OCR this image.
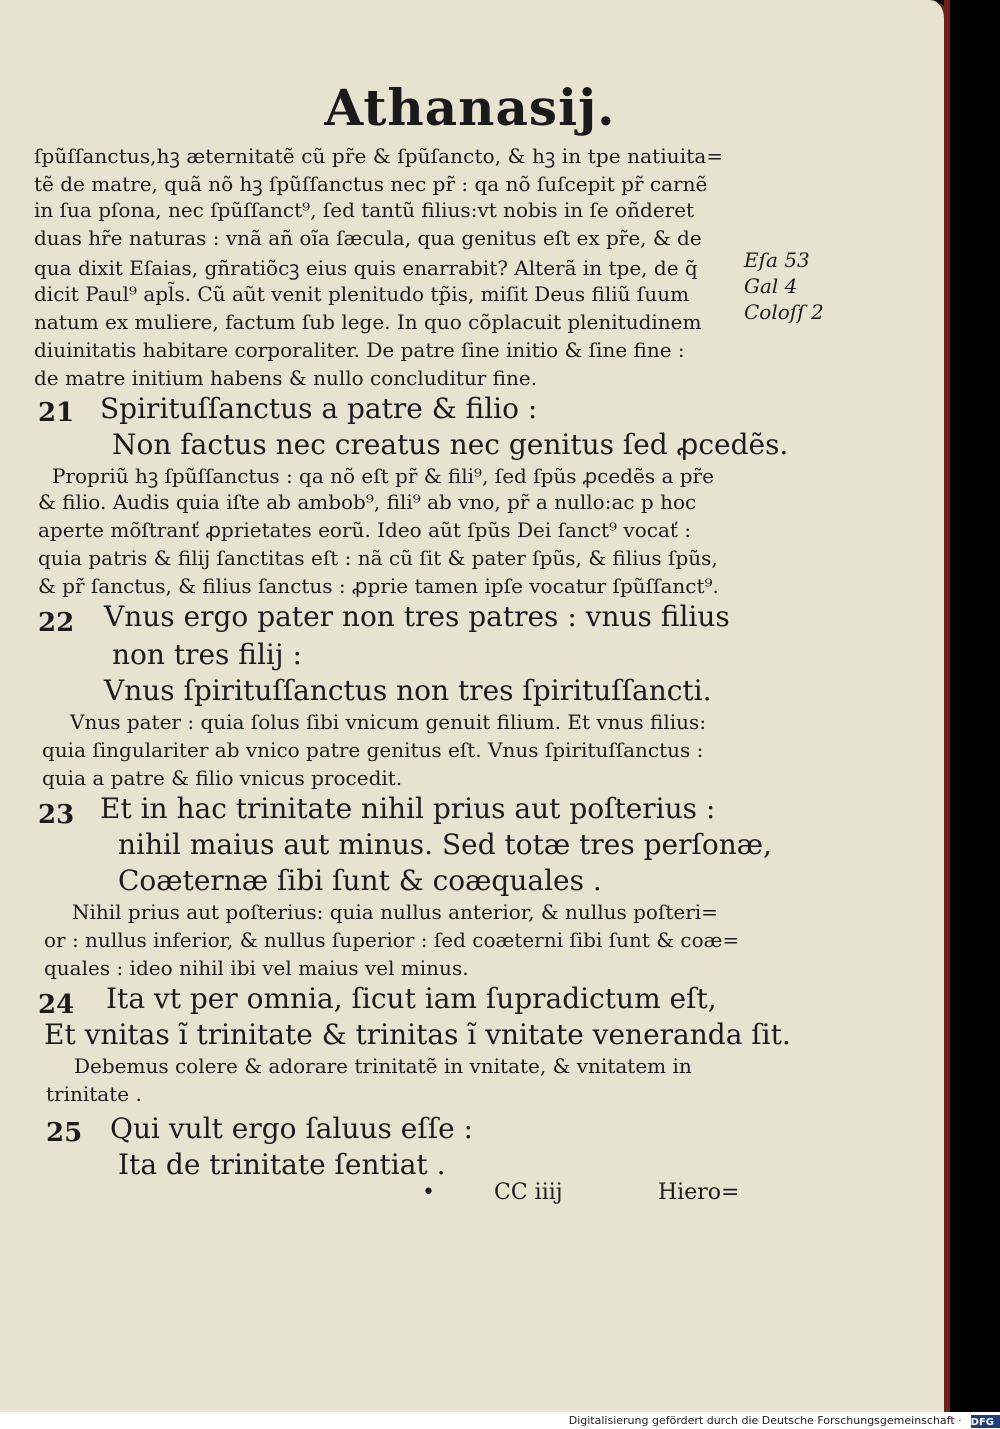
Athanasij.
ſpũſſanctus,hꝫ æternitatẽ cũ pr̃e & ſpũſancto, & hꝫ in tpe natiuita=
tẽ de matre, quã nõ hꝫ ſpũſſanctus nec pr̃ : qa nõ ſuſcepit pr̃ carnẽ
in ſua pſona, nec ſpũſſanct⁹, ſed tantũ filius:vt nobis in ſe oñderet
duas hr̃e naturas : vnã añ oĩa ſæcula, qua genitus eſt ex pr̃e, & de
qua dixit Eſaias, gñratiõcꝫ eius quis enarrabit? Alterã in tpe, de q̃
dicit Paul⁹ apl̃s. Cũ aũt venit plenitudo tp̃is, miſit Deus filiũ ſuum
natum ex muliere, factum ſub lege. In quo cõplacuit plenitudinem
diuinitatis habitare corporaliter. De patre ſine initio & ſine fine :
de matre initium habens & nullo concluditur fine.
Eſa 53
Gal 4
Coloſſ 2
21 Spirituſſanctus a patre & filio :
Non factus nec creatus nec genitus ſed ꝓcedẽs.
Propriũ hꝫ ſpũſſanctus : qa nõ eſt pr̃ & fili⁹, ſed ſpũs ꝓcedẽs a pr̃e
& filio. Audis quia iſte ab ambob⁹, fili⁹ ab vno, pr̃ a nullo:ac p hoc
aperte mõſtranť ꝓprietates eorũ. Ideo aũt ſpũs Dei ſanct⁹ vocať :
quia patris & filij ſanctitas eſt : nã cũ ſit & pater ſpũs, & filius ſpũs,
& pr̃ ſanctus, & filius ſanctus : ꝓprie tamen ipſe vocatur ſpũſſanct⁹.
22 Vnus ergo pater non tres patres : vnus filius
non tres filij :
Vnus ſpirituſſanctus non tres ſpirituſſancti.
Vnus pater : quia ſolus ſibi vnicum genuit filium. Et vnus filius:
quia ſingulariter ab vnico patre genitus eſt. Vnus ſpirituſſanctus :
quia a patre & filio vnicus procedit.
23 Et in hac trinitate nihil prius aut poſterius :
nihil maius aut minus. Sed totæ tres perſonæ,
Coæternæ ſibi ſunt & coæquales .
Nihil prius aut poſterius: quia nullus anterior, & nullus poſteri=
or : nullus inferior, & nullus ſuperior : ſed coæterni ſibi ſunt & coæ=
quales : ideo nihil ibi vel maius vel minus.
24 Ita vt per omnia, ſicut iam ſupradictum eſt,
Et vnitas ĩ trinitate & trinitas ĩ vnitate veneranda ſit.
Debemus colere & adorare trinitatẽ in vnitate, & vnitatem in
trinitate .
25 Qui vult ergo ſaluus eſſe :
Ita de trinitate ſentiat .
•	CC iiij	Hiero=
Digitalisierung gefördert durch die Deutsche Forschungsgemeinschaft · DFG
